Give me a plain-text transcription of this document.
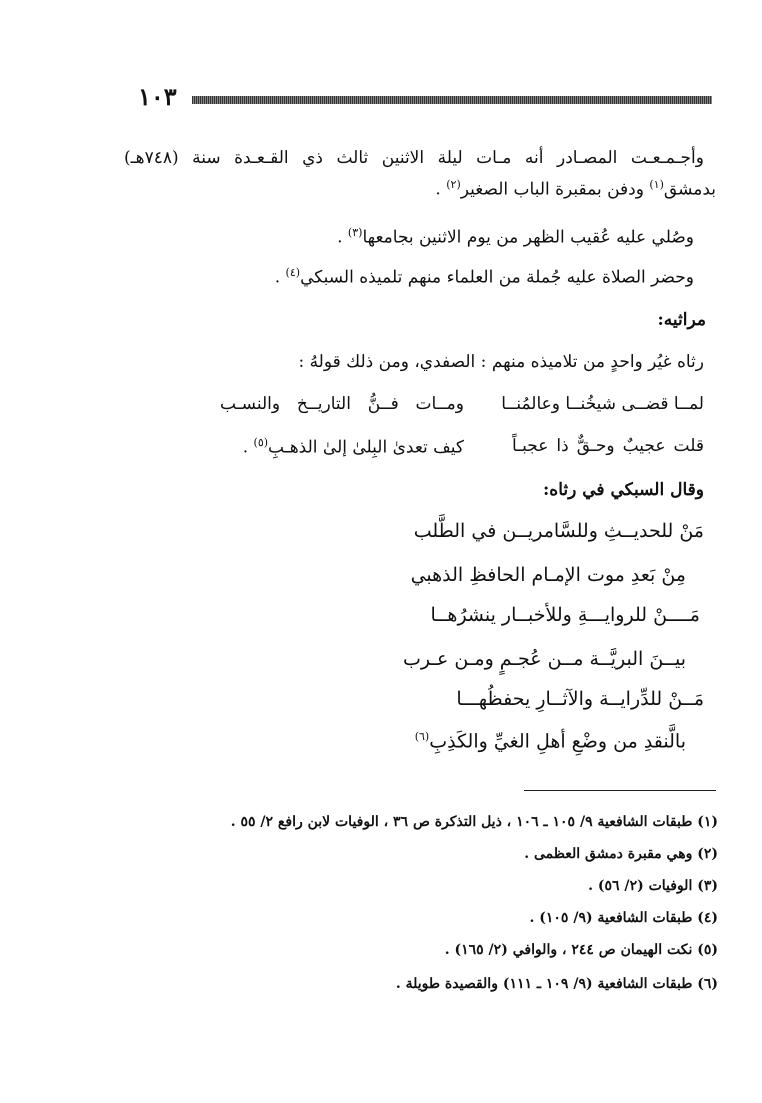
١٠٣
وأجـمـعـت المصـادر أنه مـات ليلة الاثنين ثالث ذي القـعـدة سنة (٧٤٨هـ)
بدمشق$^{(١)}$ ودفن بمقبرة الباب الصغير$^{(٢)}$ .
وصُلي عليه عُقيب الظهر من يوم الاثنين بجامعها$^{(٣)}$ .
وحضر الصلاة عليه جُملة من العلماء منهم تلميذه السبكي$^{(٤)}$ .
مراثيه:
رثاه غيُر واحدٍ من تلاميذه منهم : الصفدي، ومن ذلك قولهُ :
لمــا قضــى شيخُنــا وعالمُنــا
ومــات فــنُّ التاريــخ والنسـب
قلت عجيبٌ وحـقٌّ ذا عجبـاً
كيف تعدىٰ البِلىٰ إلىٰ الذهـبِ$^{(٥)}$ .
وقال السبكي في رثاه:
مَنْ للحديــثِ وللسَّامريــن في الطَّلب
مِنْ بَعدِ موت الإمـام الحافظِ الذهبي
مَــــنْ للروايـــةِ وللأخبــار ينشرُهــا
بيــنَ البريَّــة مــن عُجـمٍ ومـن عـرب
مَــنْ للدِّرايــة والآثــارِ يحفظُهـــا
بالَّنقدِ من وضْعِ أهلِ الغيِّ والكَذِبِ$^{(٦)}$
(١) طبقات الشافعية ٩/ ١٠٥ ـ ١٠٦ ، ذيل التذكرة ص ٣٦ ، الوفيات لابن رافع ٢/ ٥٥ .
(٢) وهي مقبرة دمشق العظمى .
(٣) الوفيات (٢/ ٥٦) .
(٤) طبقات الشافعية (٩/ ١٠٥) .
(٥) نكت الهيمان ص ٢٤٤ ، والوافي (٢/ ١٦٥) .
(٦) طبقات الشافعية (٩/ ١٠٩ ـ ١١١) والقصيدة طويلة .
